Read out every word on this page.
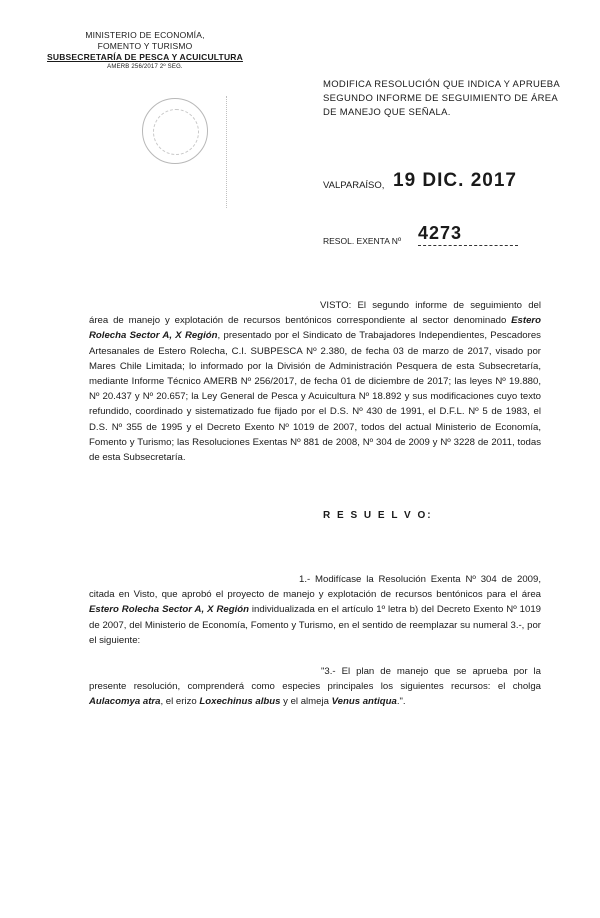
MINISTERIO DE ECONOMÍA,
FOMENTO Y TURISMO
SUBSECRETARÍA DE PESCA Y ACUICULTURA
AMERB 256/2017 2º SEG.
MODIFICA RESOLUCIÓN QUE INDICA Y APRUEBA SEGUNDO INFORME DE SEGUIMIENTO DE ÁREA DE MANEJO QUE SEÑALA.
VALPARAÍSO, 19 DIC. 2017
RESOL. EXENTA Nº 4273
VISTO: El segundo informe de seguimiento del área de manejo y explotación de recursos bentónicos correspondiente al sector denominado Estero Rolecha Sector A, X Región, presentado por el Sindicato de Trabajadores Independientes, Pescadores Artesanales de Estero Rolecha, C.I. SUBPESCA Nº 2.380, de fecha 03 de marzo de 2017, visado por Mares Chile Limitada; lo informado por la División de Administración Pesquera de esta Subsecretaría, mediante Informe Técnico AMERB Nº 256/2017, de fecha 01 de diciembre de 2017; las leyes Nº 19.880, Nº 20.437 y Nº 20.657; la Ley General de Pesca y Acuicultura Nº 18.892 y sus modificaciones cuyo texto refundido, coordinado y sistematizado fue fijado por el D.S. Nº 430 de 1991, el D.F.L. Nº 5 de 1983, el D.S. Nº 355 de 1995 y el Decreto Exento Nº 1019 de 2007, todos del actual Ministerio de Economía, Fomento y Turismo; las Resoluciones Exentas Nº 881 de 2008, Nº 304 de 2009 y Nº 3228 de 2011, todas de esta Subsecretaría.
R E S U E L V O:
1.- Modifícase la Resolución Exenta Nº 304 de 2009, citada en Visto, que aprobó el proyecto de manejo y explotación de recursos bentónicos para el área Estero Rolecha Sector A, X Región individualizada en el artículo 1º letra b) del Decreto Exento Nº 1019 de 2007, del Ministerio de Economía, Fomento y Turismo, en el sentido de reemplazar su numeral 3.-, por el siguiente:
"3.- El plan de manejo que se aprueba por la presente resolución, comprenderá como especies principales los siguientes recursos: el cholga Aulacomya atra, el erizo Loxechinus albus y el almeja Venus antiqua.".
